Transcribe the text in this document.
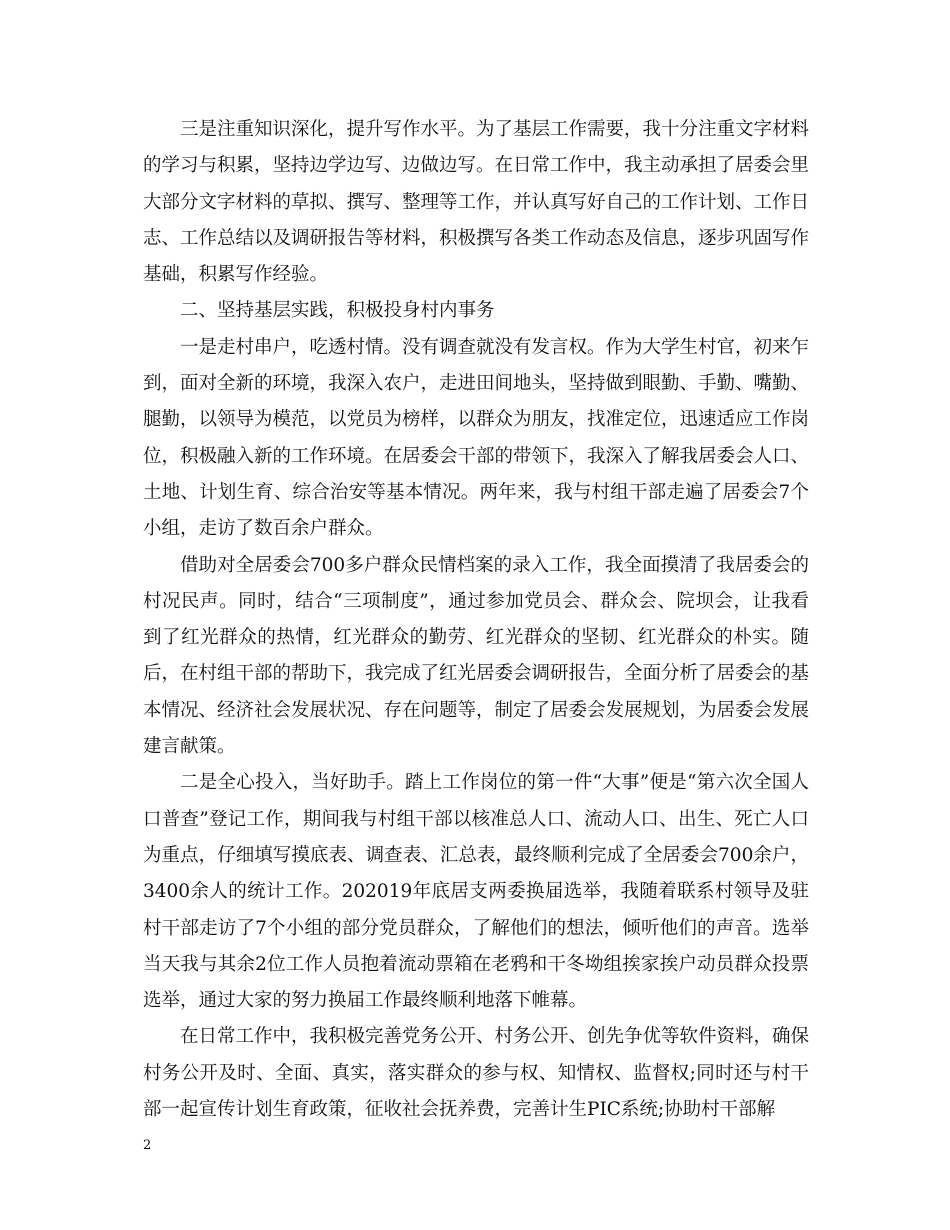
三是注重知识深化，提升写作水平。为了基层工作需要，我十分注重文字材料的学习与积累，坚持边学边写、边做边写。在日常工作中，我主动承担了居委会里大部分文字材料的草拟、撰写、整理等工作，并认真写好自己的工作计划、工作日志、工作总结以及调研报告等材料，积极撰写各类工作动态及信息，逐步巩固写作基础，积累写作经验。

二、坚持基层实践，积极投身村内事务

一是走村串户，吃透村情。没有调查就没有发言权。作为大学生村官，初来乍到，面对全新的环境，我深入农户，走进田间地头，坚持做到眼勤、手勤、嘴勤、腿勤，以领导为模范，以党员为榜样，以群众为朋友，找准定位，迅速适应工作岗位，积极融入新的工作环境。在居委会干部的带领下，我深入了解我居委会人口、土地、计划生育、综合治安等基本情况。两年来，我与村组干部走遍了居委会7个小组，走访了数百余户群众。

借助对全居委会700多户群众民情档案的录入工作，我全面摸清了我居委会的村况民声。同时，结合“三项制度”，通过参加党员会、群众会、院坝会，让我看到了红光群众的热情，红光群众的勤劳、红光群众的坚韧、红光群众的朴实。随后，在村组干部的帮助下，我完成了红光居委会调研报告，全面分析了居委会的基本情况、经济社会发展状况、存在问题等，制定了居委会发展规划，为居委会发展建言献策。

二是全心投入，当好助手。踏上工作岗位的第一件“大事”便是“第六次全国人口普查”登记工作，期间我与村组干部以核准总人口、流动人口、出生、死亡人口为重点，仔细填写摸底表、调查表、汇总表，最终顺利完成了全居委会700余户，3400余人的统计工作。202019年底居支两委换届选举，我随着联系村领导及驻村干部走访了7个小组的部分党员群众，了解他们的想法，倾听他们的声音。选举当天我与其余2位工作人员抱着流动票箱在老鸦和干冬坳组挨家挨户动员群众投票选举，通过大家的努力换届工作最终顺利地落下帷幕。

在日常工作中，我积极完善党务公开、村务公开、创先争优等软件资料，确保村务公开及时、全面、真实，落实群众的参与权、知情权、监督权;同时还与村干部一起宣传计划生育政策，征收社会抚养费，完善计生PIC系统;协助村干部解

2
